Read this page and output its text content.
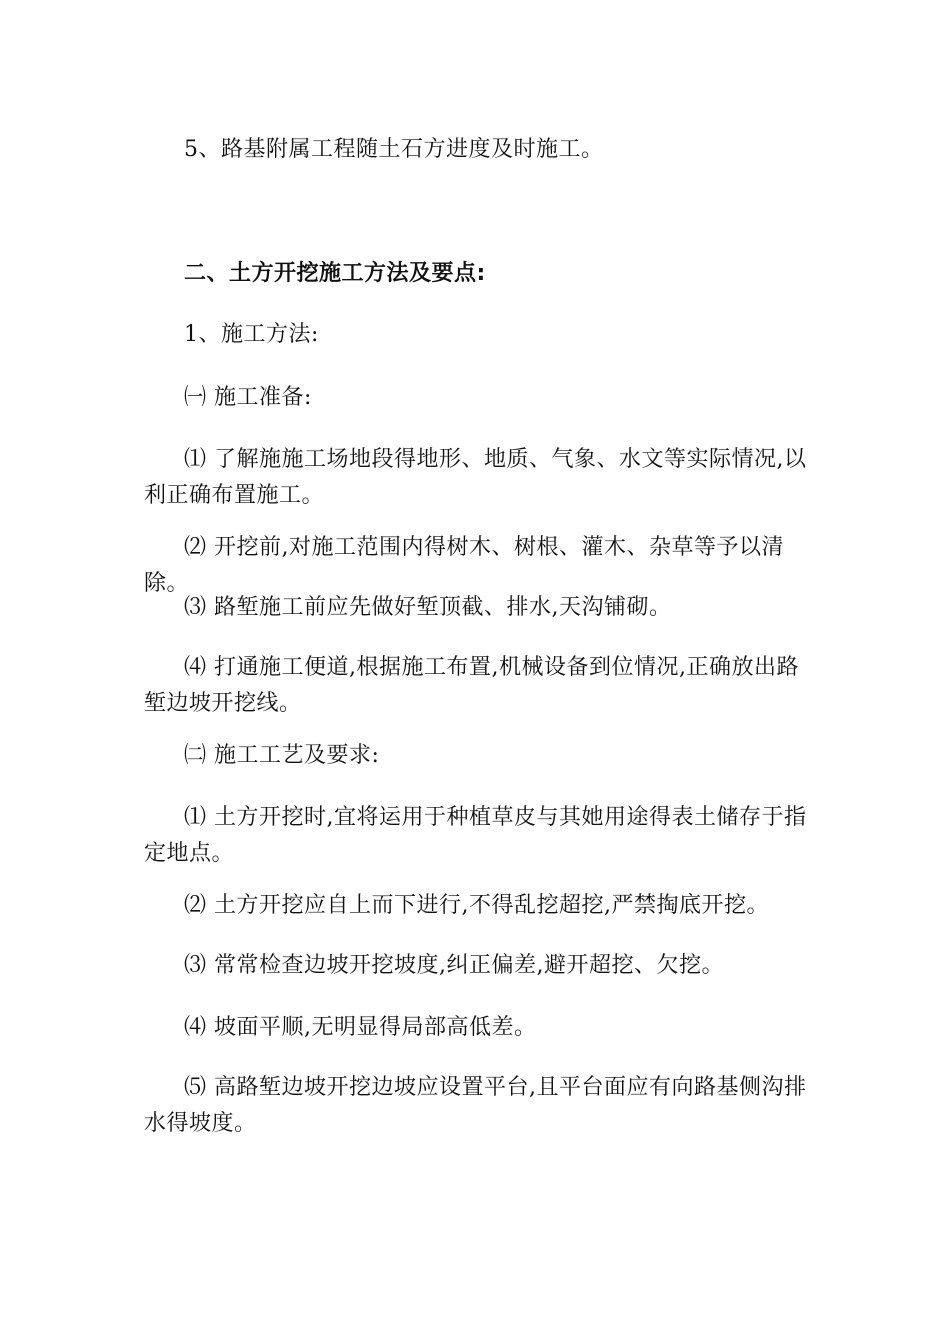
5、路基附属工程随土石方进度及时施工。

二、土方开挖施工方法及要点:

1、施工方法:

㈠ 施工准备:

⑴ 了解施施工场地段得地形、地质、气象、水文等实际情况,以利正确布置施工。

⑵ 开挖前,对施工范围内得树木、树根、灌木、杂草等予以清除。

⑶ 路堑施工前应先做好堑顶截、排水,天沟铺砌。

⑷ 打通施工便道,根据施工布置,机械设备到位情况,正确放出路堑边坡开挖线。

㈡ 施工工艺及要求:

⑴ 土方开挖时,宜将运用于种植草皮与其她用途得表土储存于指定地点。

⑵ 土方开挖应自上而下进行,不得乱挖超挖,严禁掏底开挖。

⑶ 常常检查边坡开挖坡度,纠正偏差,避开超挖、欠挖。

⑷ 坡面平顺,无明显得局部高低差。

⑸ 高路堑边坡开挖边坡应设置平台,且平台面应有向路基侧沟排水得坡度。
